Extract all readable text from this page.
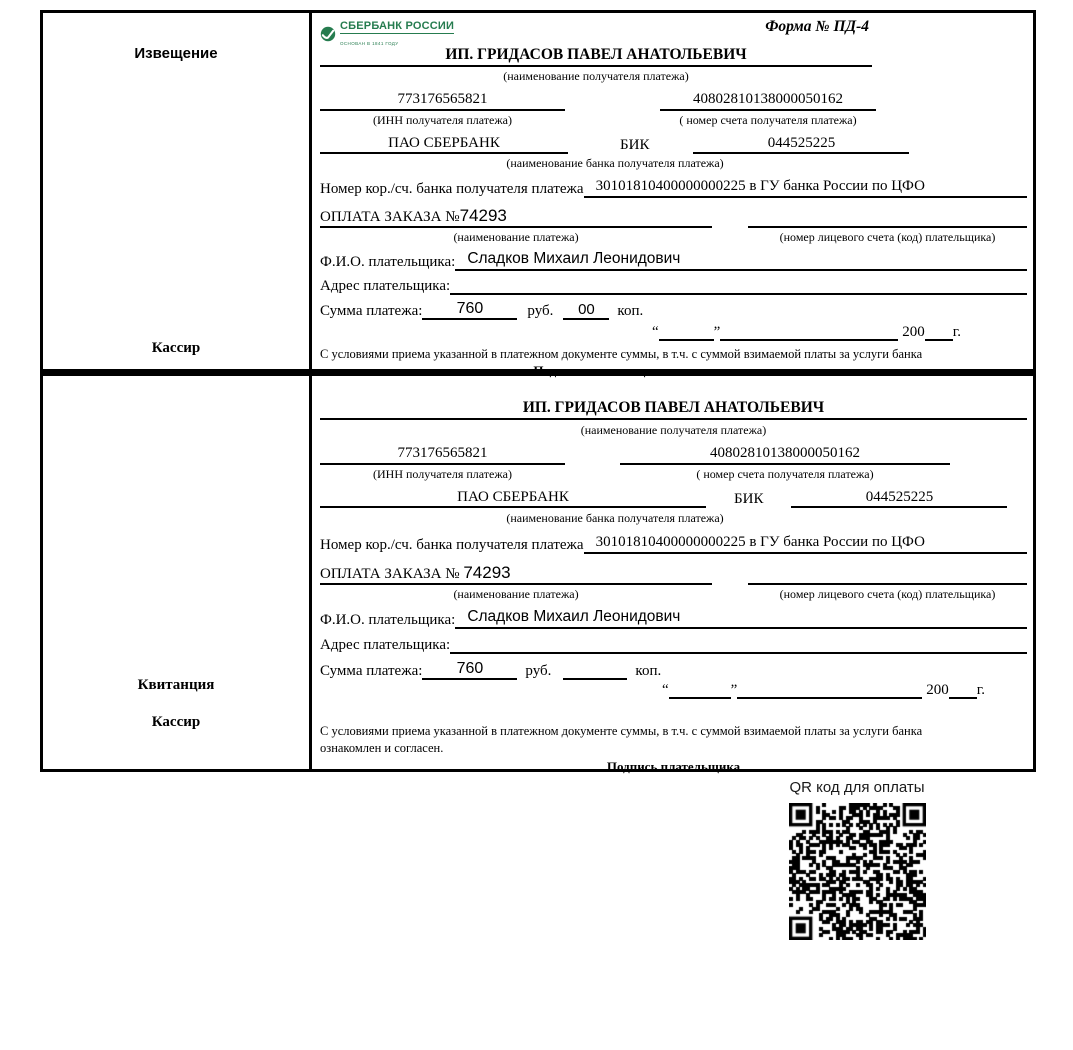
Извещение
Кассир
СБЕРБАНК РОССИИ
ОСНОВАН В 1841 ГОДУ
Форма № ПД-4
ИП. ГРИДАСОВ ПАВЕЛ АНАТОЛЬЕВИЧ
(наименование получателя платежа)
773176565821	40802810138000050162
(ИНН получателя платежа)	( номер счета получателя платежа)
ПАО СБЕРБАНК	БИК	044525225
(наименование банка получателя платежа)
Номер кор./сч. банка получателя платежа 30101810400000000225 в ГУ банка России по ЦФО
ОПЛАТА ЗАКАЗА №74293
(наименование платежа)	(номер лицевого счета (код) плательщика)
Ф.И.О. плательщика: Сладков Михаил Леонидович
Адрес плательщика:
Сумма платежа:	760	руб.	00	коп.
“	”	200 г.
С условиями приема указанной в платежном документе суммы, в т.ч. с суммой взимаемой платы за услуги банка
ознакомлен и согласен.	Подпись плательщика
Квитанция
Кассир
ИП. ГРИДАСОВ ПАВЕЛ АНАТОЛЬЕВИЧ
(наименование получателя платежа)
773176565821	40802810138000050162
(ИНН получателя платежа)	( номер счета получателя платежа)
ПАО СБЕРБАНК	БИК	044525225
(наименование банка получателя платежа)
Номер кор./сч. банка получателя платежа 30101810400000000225 в ГУ банка России по ЦФО
ОПЛАТА ЗАКАЗА № 74293
(наименование платежа)	(номер лицевого счета (код) плательщика)
Ф.И.О. плательщика: Сладков Михаил Леонидович
Адрес плательщика:
Сумма платежа:	760	руб.	коп.
“	”	200 г.
С условиями приема указанной в платежном документе суммы, в т.ч. с суммой взимаемой платы за услуги банка
ознакомлен и согласен.
Подпись плательщика
QR код для оплаты
